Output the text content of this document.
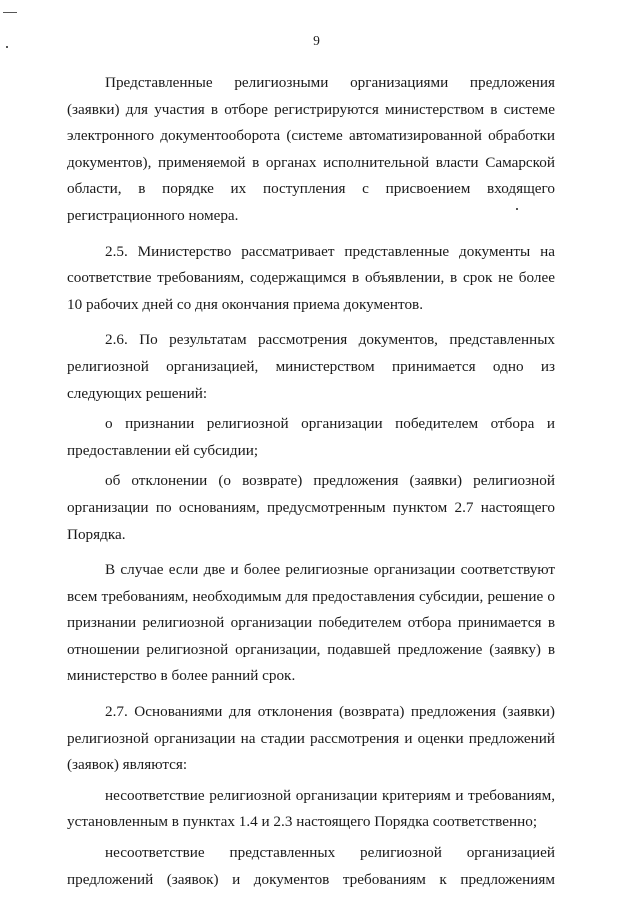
9

Представленные религиозными организациями предложения (заявки) для участия в отборе регистрируются министерством в системе электронного документооборота (системе автоматизированной обработки документов), применяемой в органах исполнительной власти Самарской области, в порядке их поступления с присвоением входящего регистрационного номера.

2.5. Министерство рассматривает представленные документы на соответствие требованиям, содержащимся в объявлении, в срок не более 10 рабочих дней со дня окончания приема документов.

2.6. По результатам рассмотрения документов, представленных религиозной организацией, министерством принимается одно из следующих решений:

о признании религиозной организации победителем отбора и предоставлении ей субсидии;

об отклонении (о возврате) предложения (заявки) религиозной организации по основаниям, предусмотренным пунктом 2.7 настоящего Порядка.

В случае если две и более религиозные организации соответствуют всем требованиям, необходимым для предоставления субсидии, решение о признании религиозной организации победителем отбора принимается в отношении религиозной организации, подавшей предложение (заявку) в министерство в более ранний срок.

2.7. Основаниями для отклонения (возврата) предложения (заявки) религиозной организации на стадии рассмотрения и оценки предложений (заявок) являются:

несоответствие религиозной организации критериям и требованиям, установленным в пунктах 1.4 и 2.3 настоящего Порядка соответственно;

несоответствие представленных религиозной организацией предложений (заявок) и документов требованиям к предложениям
